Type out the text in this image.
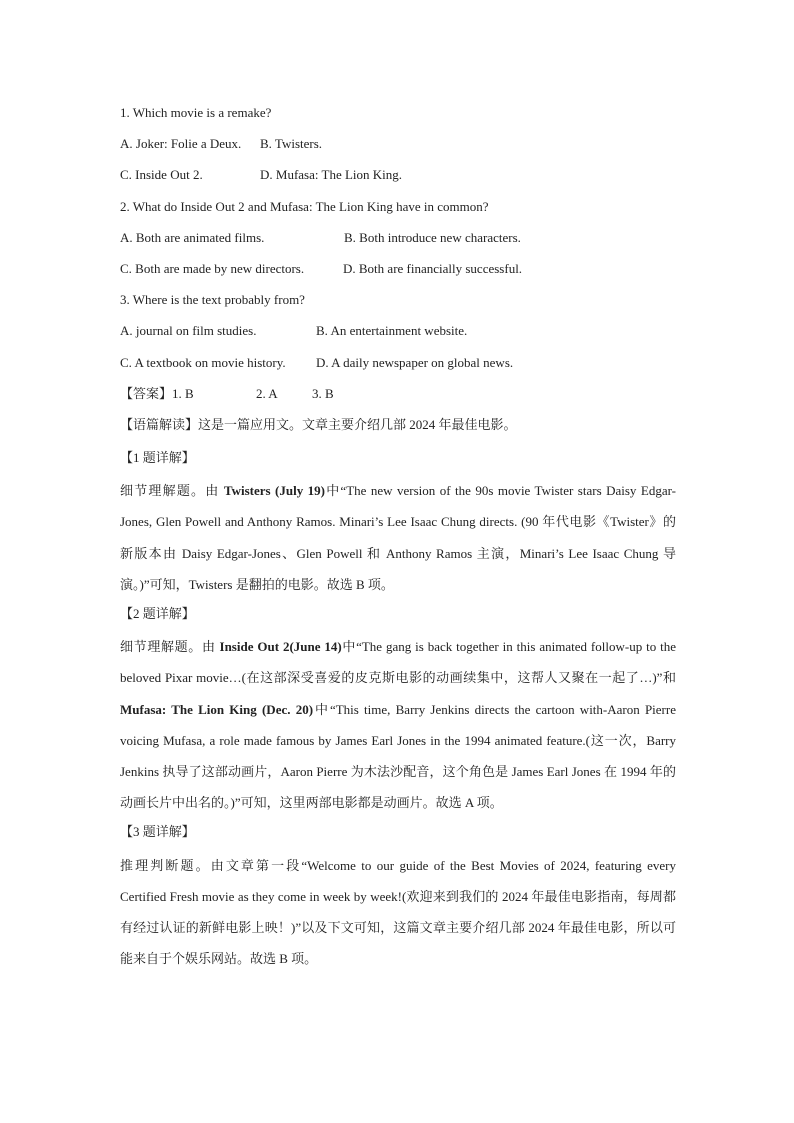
1. Which movie is a remake?
A. Joker: Folie a Deux. B. Twisters.
C. Inside Out 2.	D. Mufasa: The Lion King.
2. What do Inside Out 2 and Mufasa: The Lion King have in common?
A. Both are animated films.	B. Both introduce new characters.
C. Both are made by new directors.	D. Both are financially successful.
3. Where is the text probably from?
A. journal on film studies.	B. An entertainment website.
C. A textbook on movie history. D. A daily newspaper on global news.
【答案】1. B	2. A	3. B
【语篇解读】这是一篇应用文。文章主要介绍几部 2024 年最佳电影。
【1 题详解】
细节理解题。由 Twisters (July 19)中“The new version of the 90s movie Twister stars Daisy Edgar-Jones, Glen Powell and Anthony Ramos. Minari’s Lee Isaac Chung directs. (90 年代电影《Twister》的新版本由 Daisy Edgar-Jones、Glen Powell 和 Anthony Ramos 主演，Minari’s Lee Isaac Chung 导演。)”可知，Twisters 是翻拍的电影。故选 B 项。
【2 题详解】
细节理解题。由 Inside Out 2(June 14)中“The gang is back together in this animated follow-up to the beloved Pixar movie…(在这部深受喜爱的皮克斯电影的动画续集中，这帮人又聚在一起了…)”和 Mufasa: The Lion King (Dec. 20)中“This time, Barry Jenkins directs the cartoon with-Aaron Pierre voicing Mufasa, a role made famous by James Earl Jones in the 1994 animated feature.(这一次，Barry Jenkins 执导了这部动画片，Aaron Pierre 为木法沙配音，这个角色是 James Earl Jones 在 1994 年的动画长片中出名的。)”可知，这里两部电影都是动画片。故选 A 项。
【3 题详解】
推理判断题。由文章第一段“Welcome to our guide of the Best Movies of 2024, featuring every Certified Fresh movie as they come in week by week!(欢迎来到我们的 2024 年最佳电影指南，每周都有经过认证的新鲜电影上映！)”以及下文可知，这篇文章主要介绍几部 2024 年最佳电影，所以可能来自于个娱乐网站。故选 B 项。
